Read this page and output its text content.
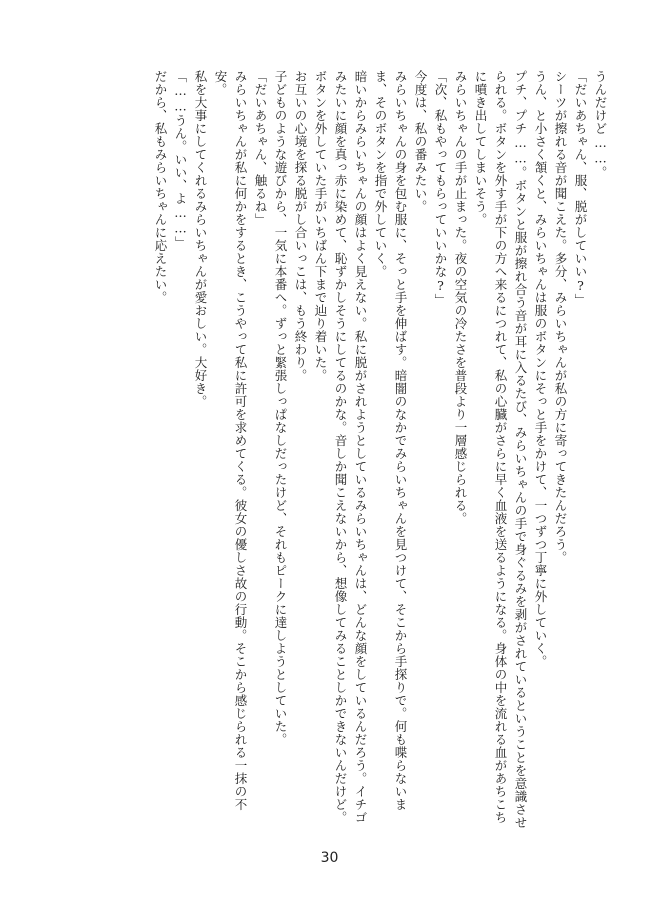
うんだけど……。
「だいあちゃん、服、脱がしていい?」
シーツが擦れる音が聞こえた。多分、みらいちゃんが私の方に寄ってきたんだろう。
うん、と小さく頷くと、みらいちゃんは服のボタンにそっと手をかけて、一つずつ丁寧に外していく。
プチ、プチ……。ボタンと服が擦れ合う音が耳に入るたび、みらいちゃんの手で身ぐるみを剥がされているということを意識させられる。ボタンを外す手が下の方へ来るにつれて、私の心臓がさらに早く血液を送るようになる。身体の中を流れる血があちこちに噴き出してしまいそう。
みらいちゃんの手が止まった。夜の空気の冷たさを普段より一層感じられる。
「次、私もやってもらっていいかな?」
今度は、私の番みたい。
みらいちゃんの身を包む服に、そっと手を伸ばす。暗闇のなかでみらいちゃんを見つけて、そこから手探りで。何も喋らないまま、そのボタンを指で外していく。
暗いからみらいちゃんの顔はよく見えない。私に脱がされようとしているみらいちゃんは、どんな顔をしているんだろう。イチゴみたいに顔を真っ赤に染めて、恥ずかしそうにしてるのかな。音しか聞こえないから、想像してみることしかできないんだけど。
ボタンを外していた手がいちばん下まで辿り着いた。
お互いの心境を探る脱がし合いっこは、もう終わり。
子どものような遊びから、一気に本番へ。ずっと緊張しっぱなしだったけど、それもピークに達しようとしていた。
「だいあちゃん、触るね」
みらいちゃんが私に何かをするとき、こうやって私に許可を求めてくる。彼女の優しさ故の行動。そこから感じられる一抹の不安。
私を大事にしてくれるみらいちゃんが愛おしい。大好き。
「……うん。いい、よ……」
だから、私もみらいちゃんに応えたい。
30
